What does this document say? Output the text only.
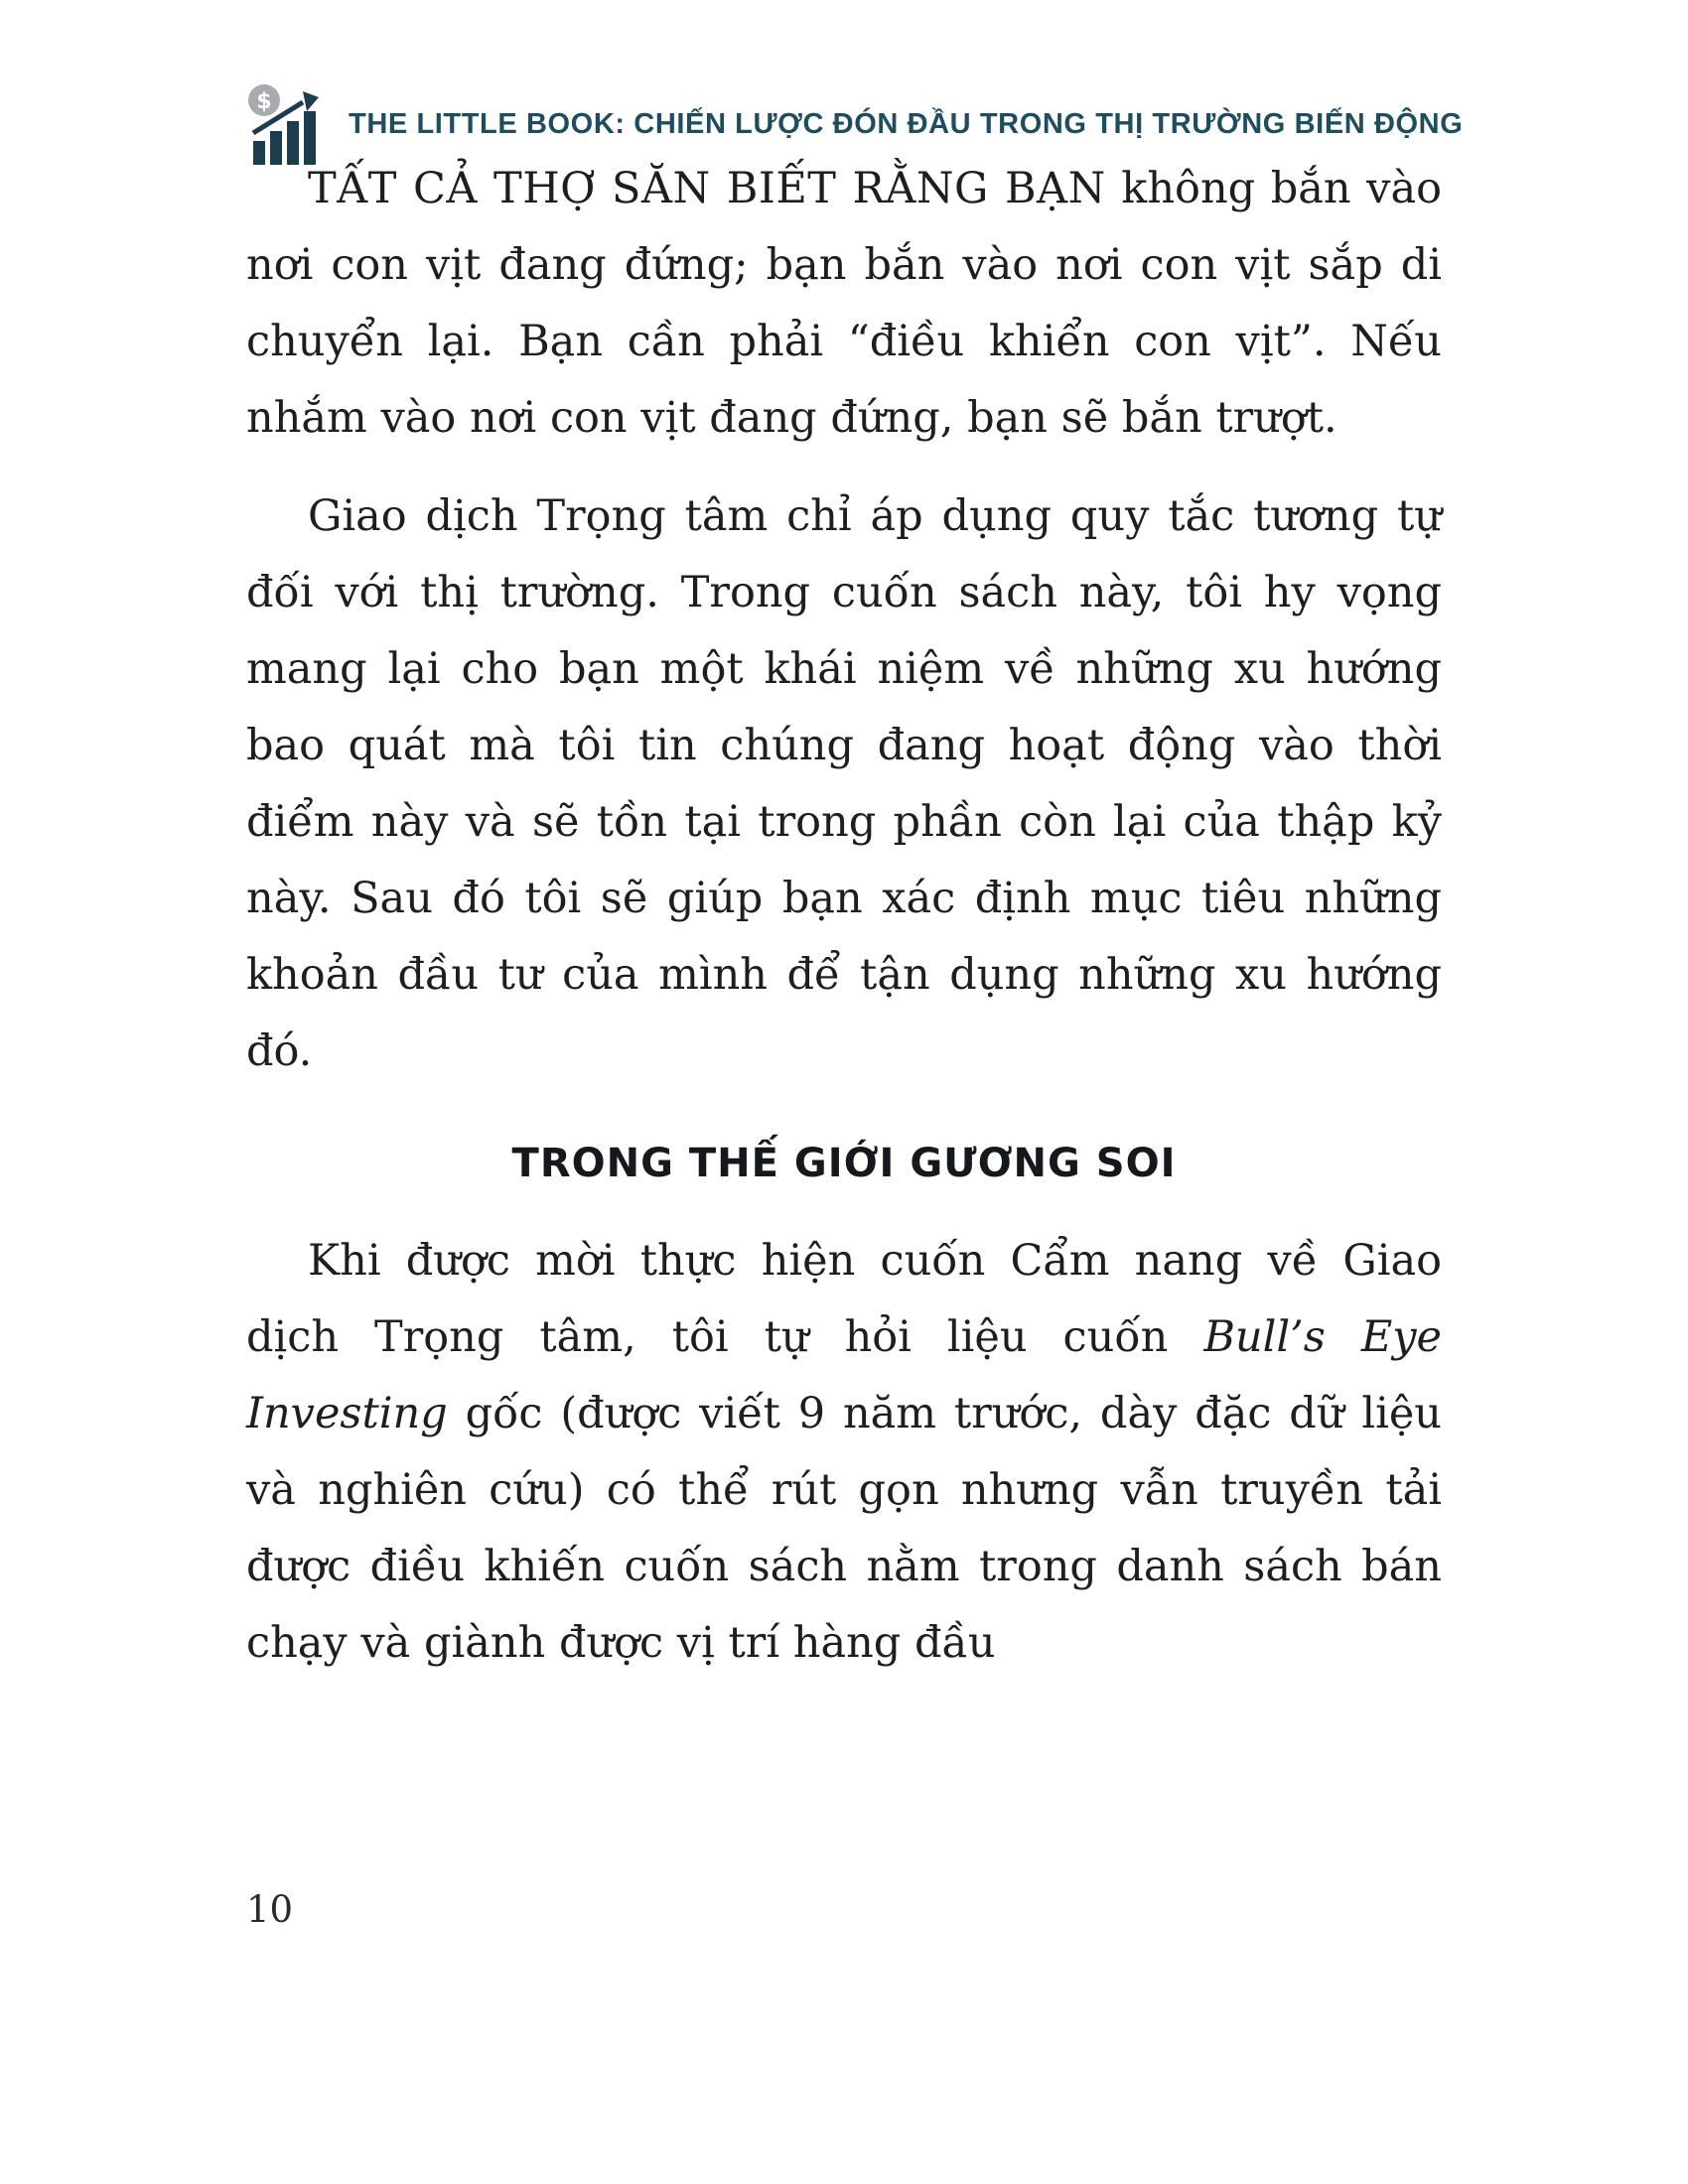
$
THE LITTLE BOOK: CHIẾN LƯỢC ĐÓN ĐẦU TRONG THỊ TRƯỜNG BIẾN ĐỘNG

TẤT CẢ THỢ SĂN BIẾT RẰNG BẠN không bắn vào nơi con vịt đang đứng; bạn bắn vào nơi con vịt sắp di chuyển lại. Bạn cần phải “điều khiển con vịt”. Nếu nhắm vào nơi con vịt đang đứng, bạn sẽ bắn trượt.

Giao dịch Trọng tâm chỉ áp dụng quy tắc tương tự đối với thị trường. Trong cuốn sách này, tôi hy vọng mang lại cho bạn một khái niệm về những xu hướng bao quát mà tôi tin chúng đang hoạt động vào thời điểm này và sẽ tồn tại trong phần còn lại của thập kỷ này. Sau đó tôi sẽ giúp bạn xác định mục tiêu những khoản đầu tư của mình để tận dụng những xu hướng đó.

TRONG THẾ GIỚI GƯƠNG SOI

Khi được mời thực hiện cuốn Cẩm nang về Giao dịch Trọng tâm, tôi tự hỏi liệu cuốn Bull’s Eye Investing gốc (được viết 9 năm trước, dày đặc dữ liệu và nghiên cứu) có thể rút gọn nhưng vẫn truyền tải được điều khiến cuốn sách nằm trong danh sách bán chạy và giành được vị trí hàng đầu

10
